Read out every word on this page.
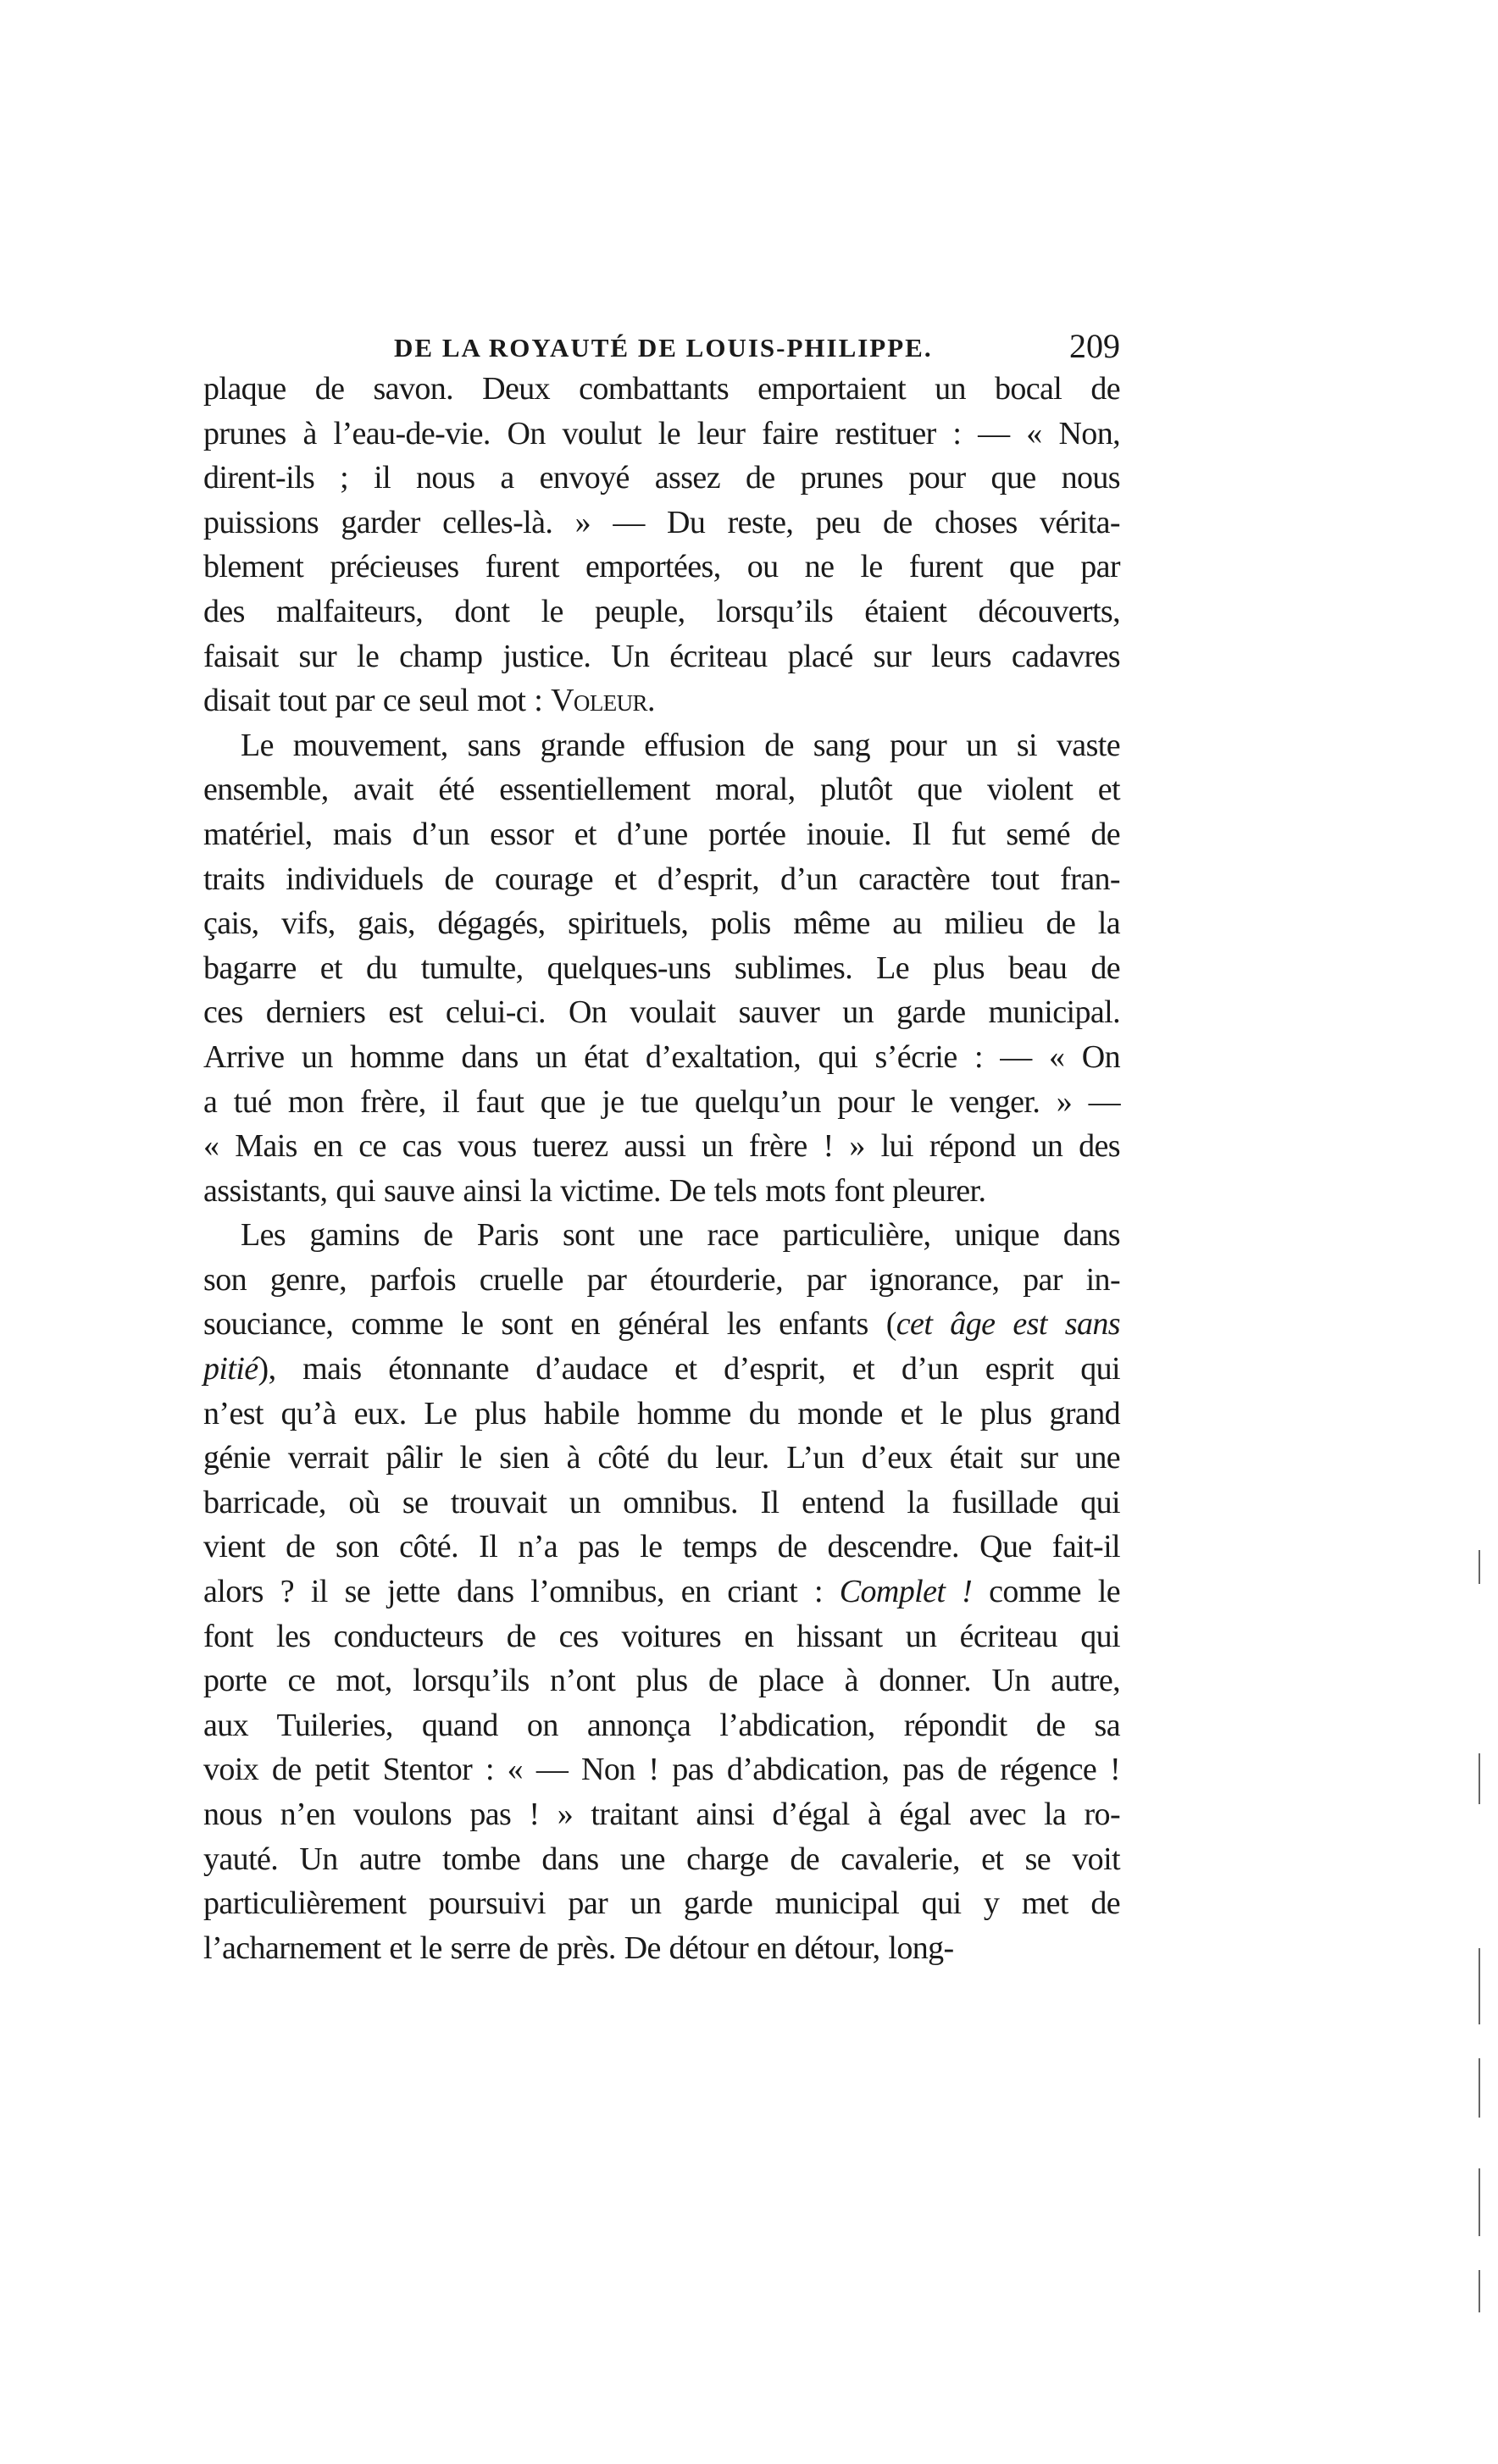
DE LA ROYAUTÉ DE LOUIS-PHILIPPE.	209
plaque de savon. Deux combattants emportaient un bocal de
prunes à l’eau-de-vie. On voulut le leur faire restituer : — « Non,
dirent-ils ; il nous a envoyé assez de prunes pour que nous
puissions garder celles-là. » — Du reste, peu de choses vérita-
blement précieuses furent emportées, ou ne le furent que par
des malfaiteurs, dont le peuple, lorsqu’ils étaient découverts,
faisait sur le champ justice. Un écriteau placé sur leurs cadavres
disait tout par ce seul mot : Voleur.
Le mouvement, sans grande effusion de sang pour un si vaste
ensemble, avait été essentiellement moral, plutôt que violent et
matériel, mais d’un essor et d’une portée inouie. Il fut semé de
traits individuels de courage et d’esprit, d’un caractère tout fran-
çais, vifs, gais, dégagés, spirituels, polis même au milieu de la
bagarre et du tumulte, quelques-uns sublimes. Le plus beau de
ces derniers est celui-ci. On voulait sauver un garde municipal.
Arrive un homme dans un état d’exaltation, qui s’écrie : — « On
a tué mon frère, il faut que je tue quelqu’un pour le venger. » —
« Mais en ce cas vous tuerez aussi un frère ! » lui répond un des
assistants, qui sauve ainsi la victime. De tels mots font pleurer.
Les gamins de Paris sont une race particulière, unique dans
son genre, parfois cruelle par étourderie, par ignorance, par in-
souciance, comme le sont en général les enfants (cet âge est sans
pitié), mais étonnante d’audace et d’esprit, et d’un esprit qui
n’est qu’à eux. Le plus habile homme du monde et le plus grand
génie verrait pâlir le sien à côté du leur. L’un d’eux était sur une
barricade, où se trouvait un omnibus. Il entend la fusillade qui
vient de son côté. Il n’a pas le temps de descendre. Que fait-il
alors ? il se jette dans l’omnibus, en criant : Complet ! comme le
font les conducteurs de ces voitures en hissant un écriteau qui
porte ce mot, lorsqu’ils n’ont plus de place à donner. Un autre,
aux Tuileries, quand on annonça l’abdication, répondit de sa
voix de petit Stentor : « — Non ! pas d’abdication, pas de régence !
nous n’en voulons pas ! » traitant ainsi d’égal à égal avec la ro-
yauté. Un autre tombe dans une charge de cavalerie, et se voit
particulièrement poursuivi par un garde municipal qui y met de
l’acharnement et le serre de près. De détour en détour, long-
